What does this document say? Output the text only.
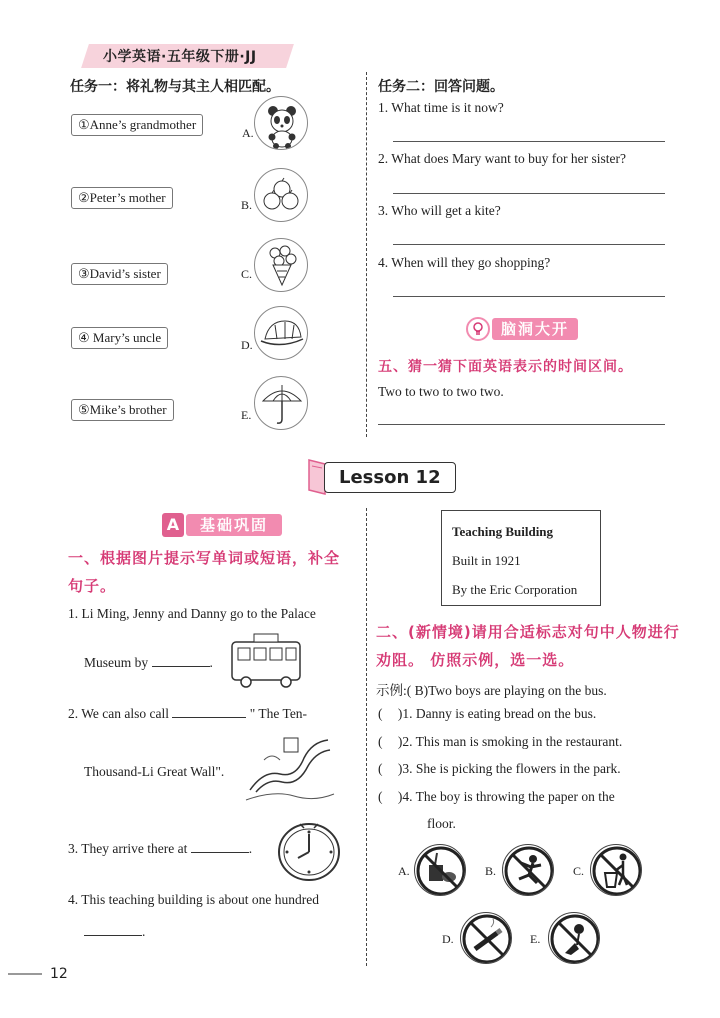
小学英语·五年级下册·JJ
任务一：将礼物与其主人相匹配。
①Anne’s grandmother
②Peter’s mother
③David’s sister
④ Mary’s uncle
⑤Mike’s brother
A.
B.
C.
D.
E.
任务二：回答问题。
1. What time is it now?
2. What does Mary want to buy for her sister?
3. Who will get a kite?
4. When will they go shopping?
脑洞大开
五、猜一猜下面英语表示的时间区间。
Two to two to two two.
Lesson 12
A	基础巩固
一、根据图片提示写单词或短语，补全
句子。
1. Li Ming, Jenny and Danny go to the Palace
Museum by	.
2. We can also call	" The Ten-
Thousand-Li Great Wall".
3. They arrive there at	.
4. This teaching building is about one hundred
.
Teaching Building
Built in 1921
By the Eric Corporation
二、(新情境)请用合适标志对句中人物进行
劝阻。 仿照示例，选一选。
示例:( B)Two boys are playing on the bus.
( )1. Danny is eating bread on the bus.
( )2. This man is smoking in the restaurant.
( )3. She is picking the flowers in the park.
( )4. The boy is throwing the paper on the
floor.
A.	B.	C.
D.	E.
12
